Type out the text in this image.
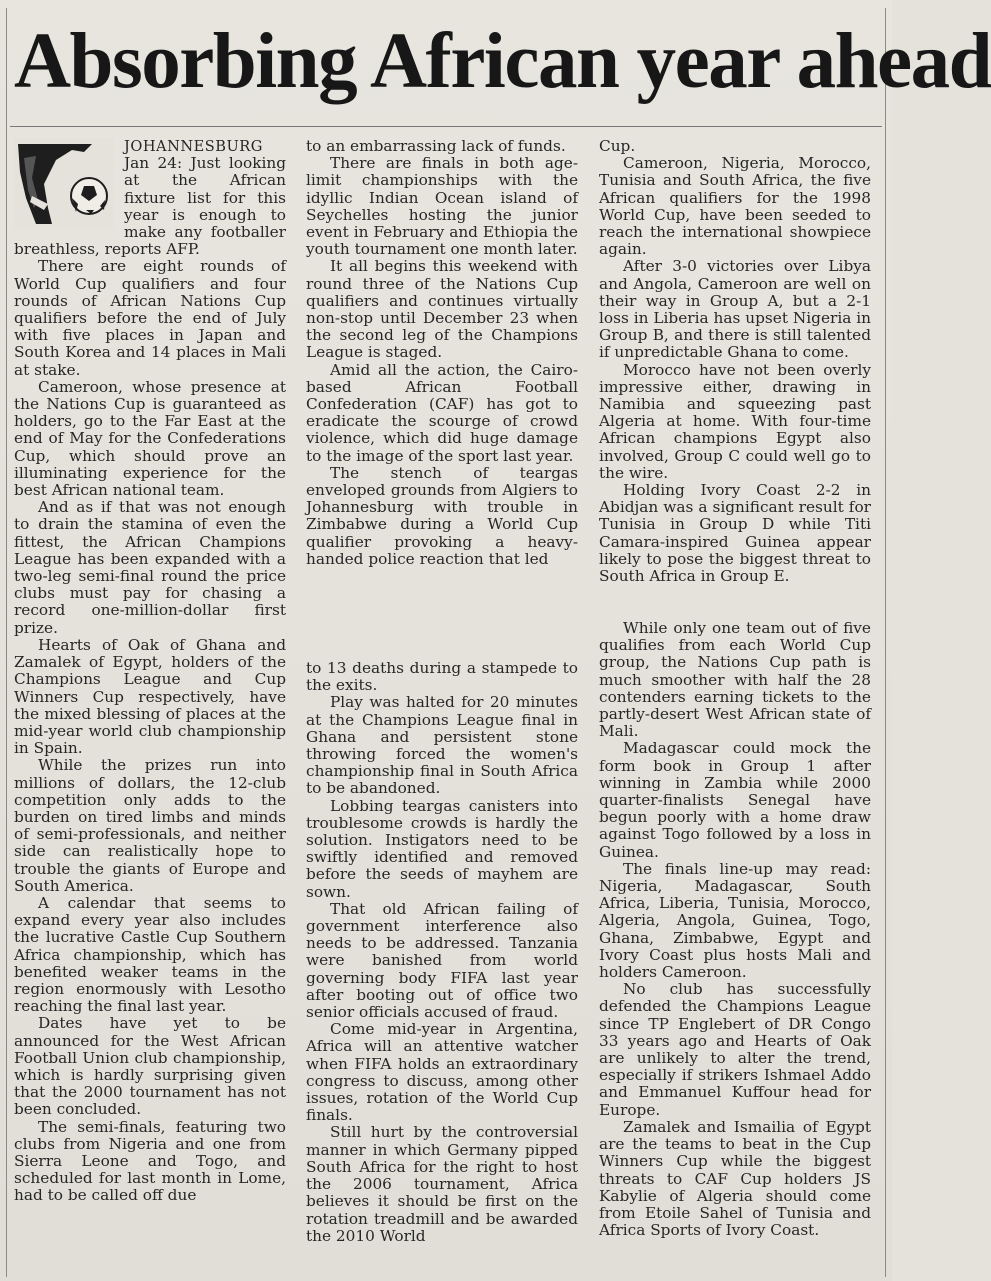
Absorbing African year ahead

JOHANNESBURG
Jan 24: Just looking at the African fixture list for this year is enough to make any footballer breathless, reports AFP.

There are eight rounds of World Cup qualifiers and four rounds of African Nations Cup qualifiers before the end of July with five places in Japan and South Korea and 14 places in Mali at stake.

Cameroon, whose presence at the Nations Cup is guaranteed as holders, go to the Far East at the end of May for the Confederations Cup, which should prove an illuminating experience for the best African national team.

And as if that was not enough to drain the stamina of even the fittest, the African Champions League has been expanded with a two-leg semi-final round the price clubs must pay for chasing a record one-million-dollar first prize.

Hearts of Oak of Ghana and Zamalek of Egypt, holders of the Champions League and Cup Winners Cup respectively, have the mixed blessing of places at the mid-year world club championship in Spain.

While the prizes run into millions of dollars, the 12-club competition only adds to the burden on tired limbs and minds of semi-professionals, and neither side can realistically hope to trouble the giants of Europe and South America.

A calendar that seems to expand every year also includes the lucrative Castle Cup Southern Africa championship, which has benefited weaker teams in the region enormously with Lesotho reaching the final last year.

Dates have yet to be announced for the West African Football Union club championship, which is hardly surprising given that the 2000 tournament has not been concluded.

The semi-finals, featuring two clubs from Nigeria and one from Sierra Leone and Togo, and scheduled for last month in Lome, had to be called off due

to an embarrassing lack of funds.

There are finals in both age-limit championships with the idyllic Indian Ocean island of Seychelles hosting the junior event in February and Ethiopia the youth tournament one month later.

It all begins this weekend with round three of the Nations Cup qualifiers and continues virtually non-stop until December 23 when the second leg of the Champions League is staged.

Amid all the action, the Cairo-based African Football Confederation (CAF) has got to eradicate the scourge of crowd violence, which did huge damage to the image of the sport last year.

The stench of teargas enveloped grounds from Algiers to Johannesburg with trouble in Zimbabwe during a World Cup qualifier provoking a heavy-handed police reaction that led

to 13 deaths during a stampede to the exits.

Play was halted for 20 minutes at the Champions League final in Ghana and persistent stone throwing forced the women's championship final in South Africa to be abandoned.

Lobbing teargas canisters into troublesome crowds is hardly the solution. Instigators need to be swiftly identified and removed before the seeds of mayhem are sown.

That old African failing of government interference also needs to be addressed. Tanzania were banished from world governing body FIFA last year after booting out of office two senior officials accused of fraud.

Come mid-year in Argentina, Africa will an attentive watcher when FIFA holds an extraordinary congress to discuss, among other issues, rotation of the World Cup finals.

Still hurt by the controversial manner in which Germany pipped South Africa for the right to host the 2006 tournament, Africa believes it should be first on the rotation treadmill and be awarded the 2010 World

Cup.

Cameroon, Nigeria, Morocco, Tunisia and South Africa, the five African qualifiers for the 1998 World Cup, have been seeded to reach the international showpiece again.

After 3-0 victories over Libya and Angola, Cameroon are well on their way in Group A, but a 2-1 loss in Liberia has upset Nigeria in Group B, and there is still talented if unpredictable Ghana to come.

Morocco have not been overly impressive either, drawing in Namibia and squeezing past Algeria at home. With four-time African champions Egypt also involved, Group C could well go to the wire.

Holding Ivory Coast 2-2 in Abidjan was a significant result for Tunisia in Group D while Titi Camara-inspired Guinea appear likely to pose the biggest threat to South Africa in Group E.

While only one team out of five qualifies from each World Cup group, the Nations Cup path is much smoother with half the 28 contenders earning tickets to the partly-desert West African state of Mali.

Madagascar could mock the form book in Group 1 after winning in Zambia while 2000 quarter-finalists Senegal have begun poorly with a home draw against Togo followed by a loss in Guinea.

The finals line-up may read: Nigeria, Madagascar, South Africa, Liberia, Tunisia, Morocco, Algeria, Angola, Guinea, Togo, Ghana, Zimbabwe, Egypt and Ivory Coast plus hosts Mali and holders Cameroon.

No club has successfully defended the Champions League since TP Englebert of DR Congo 33 years ago and Hearts of Oak are unlikely to alter the trend, especially if strikers Ishmael Addo and Emmanuel Kuffour head for Europe.

Zamalek and Ismailia of Egypt are the teams to beat in the Cup Winners Cup while the biggest threats to CAF Cup holders JS Kabylie of Algeria should come from Etoile Sahel of Tunisia and Africa Sports of Ivory Coast.
